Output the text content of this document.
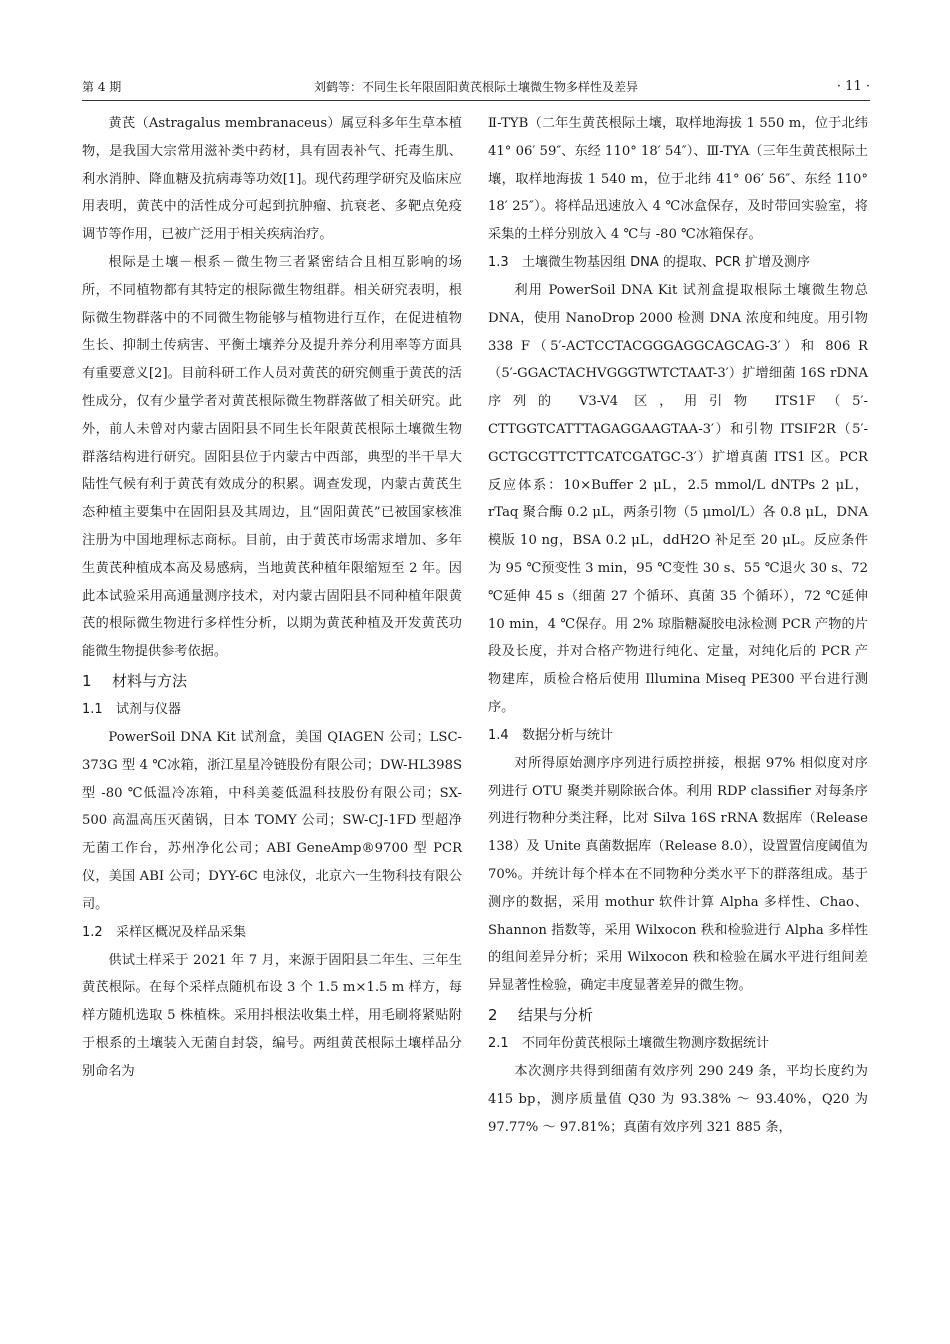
第 4 期	刘鹤等：不同生长年限固阳黄芪根际土壤微生物多样性及差异	· 11 ·

黄芪（Astragalus membranaceus）属豆科多年生草本植物，是我国大宗常用滋补类中药材，具有固表补气、托毒生肌、利水消肿、降血糖及抗病毒等功效[1]。现代药理学研究及临床应用表明，黄芪中的活性成分可起到抗肿瘤、抗衰老、多靶点免疫调节等作用，已被广泛用于相关疾病治疗。

根际是土壤－根系－微生物三者紧密结合且相互影响的场所，不同植物都有其特定的根际微生物组群。相关研究表明，根际微生物群落中的不同微生物能够与植物进行互作，在促进植物生长、抑制土传病害、平衡土壤养分及提升养分利用率等方面具有重要意义[2]。目前科研工作人员对黄芪的研究侧重于黄芪的活性成分，仅有少量学者对黄芪根际微生物群落做了相关研究。此外，前人未曾对内蒙古固阳县不同生长年限黄芪根际土壤微生物群落结构进行研究。固阳县位于内蒙古中西部，典型的半干旱大陆性气候有利于黄芪有效成分的积累。调查发现，内蒙古黄芪生态种植主要集中在固阳县及其周边，且“固阳黄芪”已被国家核准注册为中国地理标志商标。目前，由于黄芪市场需求增加、多年生黄芪种植成本高及易感病，当地黄芪种植年限缩短至 2 年。因此本试验采用高通量测序技术，对内蒙古固阳县不同种植年限黄芪的根际微生物进行多样性分析，以期为黄芪种植及开发黄芪功能微生物提供参考依据。

1 材料与方法
1.1 试剂与仪器

PowerSoil DNA Kit 试剂盒，美国 QIAGEN 公司；LSC-373G 型 4 ℃冰箱，浙江星星冷链股份有限公司；DW-HL398S 型 -80 ℃低温冷冻箱，中科美菱低温科技股份有限公司；SX-500 高温高压灭菌锅，日本 TOMY 公司；SW-CJ-1FD 型超净无菌工作台，苏州净化公司；ABI GeneAmp®9700 型 PCR 仪，美国 ABI 公司；DYY-6C 电泳仪，北京六一生物科技有限公司。

1.2 采样区概况及样品采集

供试土样采于 2021 年 7 月，来源于固阳县二年生、三年生黄芪根际。在每个采样点随机布设 3 个 1.5 m×1.5 m 样方，每样方随机选取 5 株植株。采用抖根法收集土样，用毛刷将紧贴附于根系的土壤装入无菌自封袋，编号。两组黄芪根际土壤样品分别命名为

Ⅱ-TYB（二年生黄芪根际土壤，取样地海拔 1 550 m，位于北纬 41° 06′ 59″、东经 110° 18′ 54″）、Ⅲ-TYA（三年生黄芪根际土壤，取样地海拔 1 540 m，位于北纬 41° 06′ 56″、东经 110° 18′ 25″）。将样品迅速放入 4 ℃冰盒保存，及时带回实验室，将采集的土样分别放入 4 ℃与 -80 ℃冰箱保存。

1.3 土壤微生物基因组 DNA 的提取、PCR 扩增及测序

利用 PowerSoil DNA Kit 试剂盒提取根际土壤微生物总 DNA，使用 NanoDrop 2000 检测 DNA 浓度和纯度。用引物 338 F（5′-ACTCCTACGGGAGGCAGCAG-3′）和 806 R（5′-GGACTACHVGGGTWTCTAAT-3′）扩增细菌 16S rDNA 序列的 V3-V4 区，用引物 ITS1F（5′-CTTGGTCATTTAGAGGAAGTAA-3′）和引物 ITSIF2R（5′-GCTGCGTTCTTCATCGATGC-3′）扩增真菌 ITS1 区。PCR 反应体系：10×Buffer 2 μL，2.5 mmol/L dNTPs 2 μL，rTaq 聚合酶 0.2 μL，两条引物（5 μmol/L）各 0.8 μL，DNA 模版 10 ng，BSA 0.2 μL，ddH2O 补足至 20 μL。反应条件为 95 ℃预变性 3 min，95 ℃变性 30 s、55 ℃退火 30 s、72 ℃延伸 45 s（细菌 27 个循环、真菌 35 个循环），72 ℃延伸 10 min，4 ℃保存。用 2% 琼脂糖凝胶电泳检测 PCR 产物的片段及长度，并对合格产物进行纯化、定量，对纯化后的 PCR 产物建库，质检合格后使用 Illumina Miseq PE300 平台进行测序。

1.4 数据分析与统计

对所得原始测序序列进行质控拼接，根据 97% 相似度对序列进行 OTU 聚类并剔除嵌合体。利用 RDP classifier 对每条序列进行物种分类注释，比对 Silva 16S rRNA 数据库（Release 138）及 Unite 真菌数据库（Release 8.0），设置置信度阈值为 70%。并统计每个样本在不同物种分类水平下的群落组成。基于测序的数据，采用 mothur 软件计算 Alpha 多样性、Chao、Shannon 指数等，采用 Wilxocon 秩和检验进行 Alpha 多样性的组间差异分析；采用 Wilxocon 秩和检验在属水平进行组间差异显著性检验，确定丰度显著差异的微生物。

2 结果与分析
2.1 不同年份黄芪根际土壤微生物测序数据统计

本次测序共得到细菌有效序列 290 249 条，平均长度约为 415 bp，测序质量值 Q30 为 93.38% ～ 93.40%，Q20 为 97.77% ～ 97.81%；真菌有效序列 321 885 条，
